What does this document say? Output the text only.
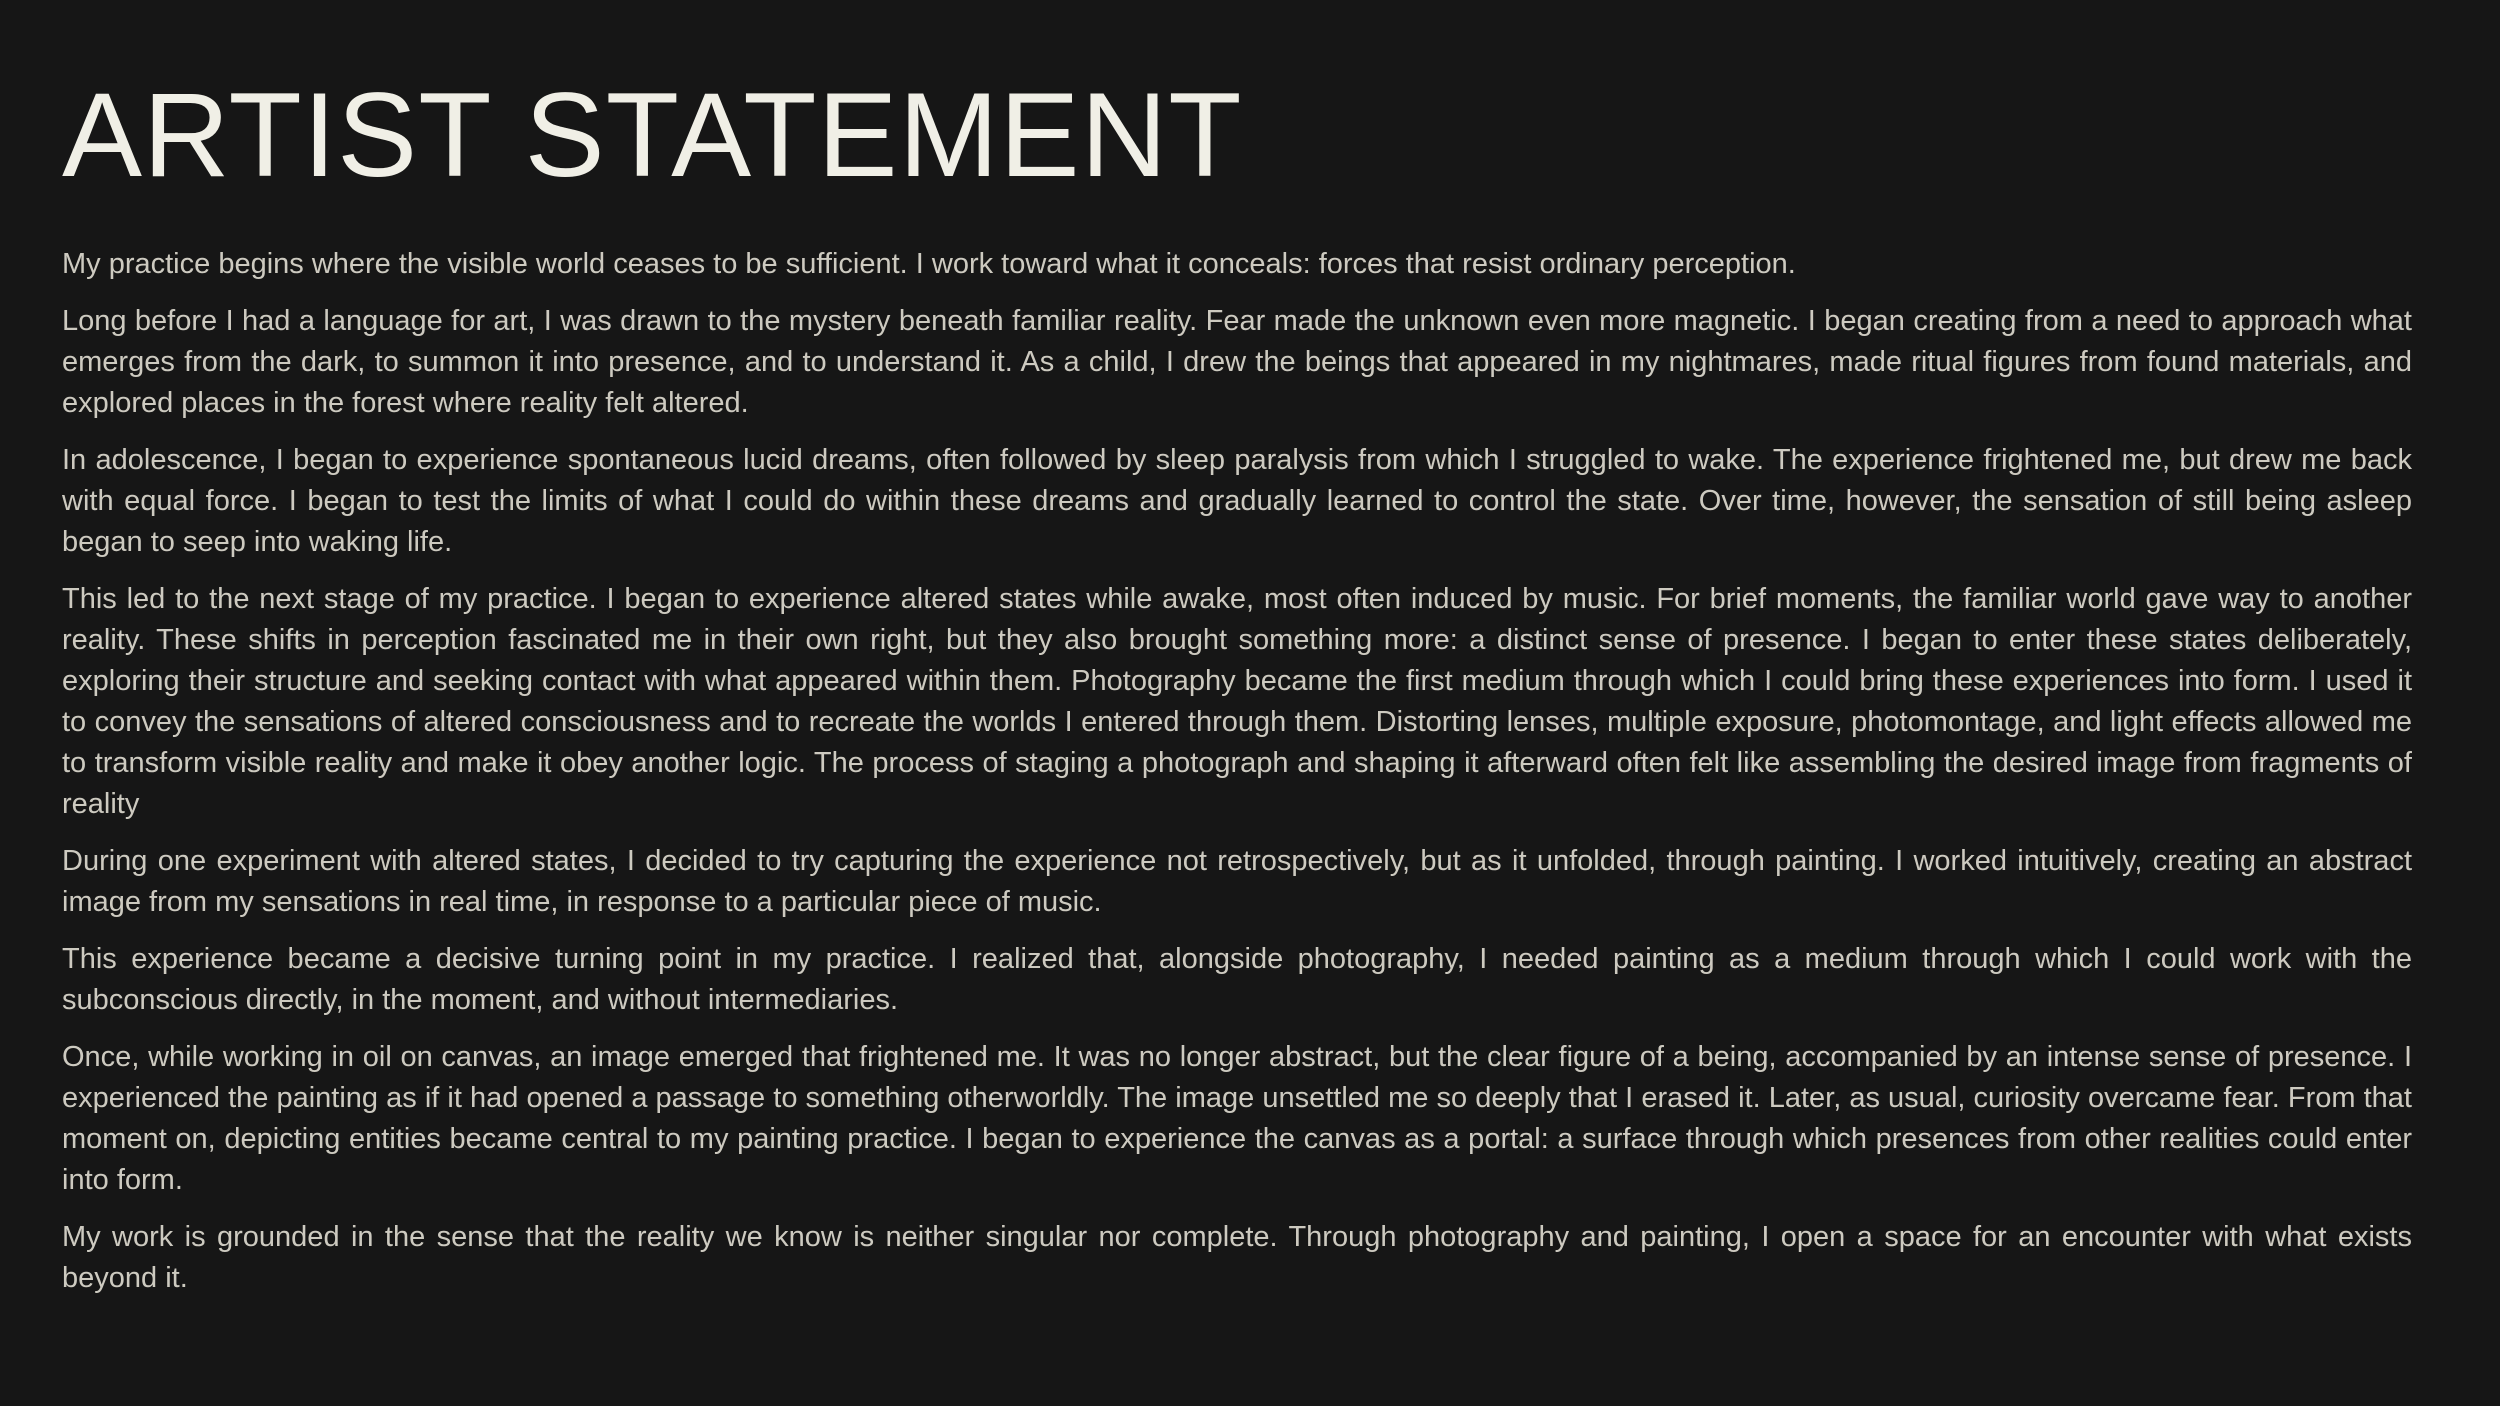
ARTIST STATEMENT

My practice begins where the visible world ceases to be sufficient. I work toward what it conceals: forces that resist ordinary perception.

Long before I had a language for art, I was drawn to the mystery beneath familiar reality. Fear made the unknown even more magnetic. I began creating from a need to approach what emerges from the dark, to summon it into presence, and to understand it. As a child, I drew the beings that appeared in my nightmares, made ritual figures from found materials, and explored places in the forest where reality felt altered.

In adolescence, I began to experience spontaneous lucid dreams, often followed by sleep paralysis from which I struggled to wake. The experience frightened me, but drew me back with equal force. I began to test the limits of what I could do within these dreams and gradually learned to control the state. Over time, however, the sensation of still being asleep began to seep into waking life.

This led to the next stage of my practice. I began to experience altered states while awake, most often induced by music. For brief moments, the familiar world gave way to another reality. These shifts in perception fascinated me in their own right, but they also brought something more: a distinct sense of presence. I began to enter these states deliberately, exploring their structure and seeking contact with what appeared within them. Photography became the first medium through which I could bring these experiences into form. I used it to convey the sensations of altered consciousness and to recreate the worlds I entered through them. Distorting lenses, multiple exposure, photomontage, and light effects allowed me to transform visible reality and make it obey another logic. The process of staging a photograph and shaping it afterward often felt like assembling the desired image from fragments of reality

During one experiment with altered states, I decided to try capturing the experience not retrospectively, but as it unfolded, through painting. I worked intuitively, creating an abstract image from my sensations in real time, in response to a particular piece of music.

This experience became a decisive turning point in my practice. I realized that, alongside photography, I needed painting as a medium through which I could work with the subconscious directly, in the moment, and without intermediaries.

Once, while working in oil on canvas, an image emerged that frightened me. It was no longer abstract, but the clear figure of a being, accompanied by an intense sense of presence. I experienced the painting as if it had opened a passage to something otherworldly. The image unsettled me so deeply that I erased it. Later, as usual, curiosity overcame fear. From that moment on, depicting entities became central to my painting practice. I began to experience the canvas as a portal: a surface through which presences from other realities could enter into form.

My work is grounded in the sense that the reality we know is neither singular nor complete. Through photography and painting, I open a space for an encounter with what exists beyond it.
